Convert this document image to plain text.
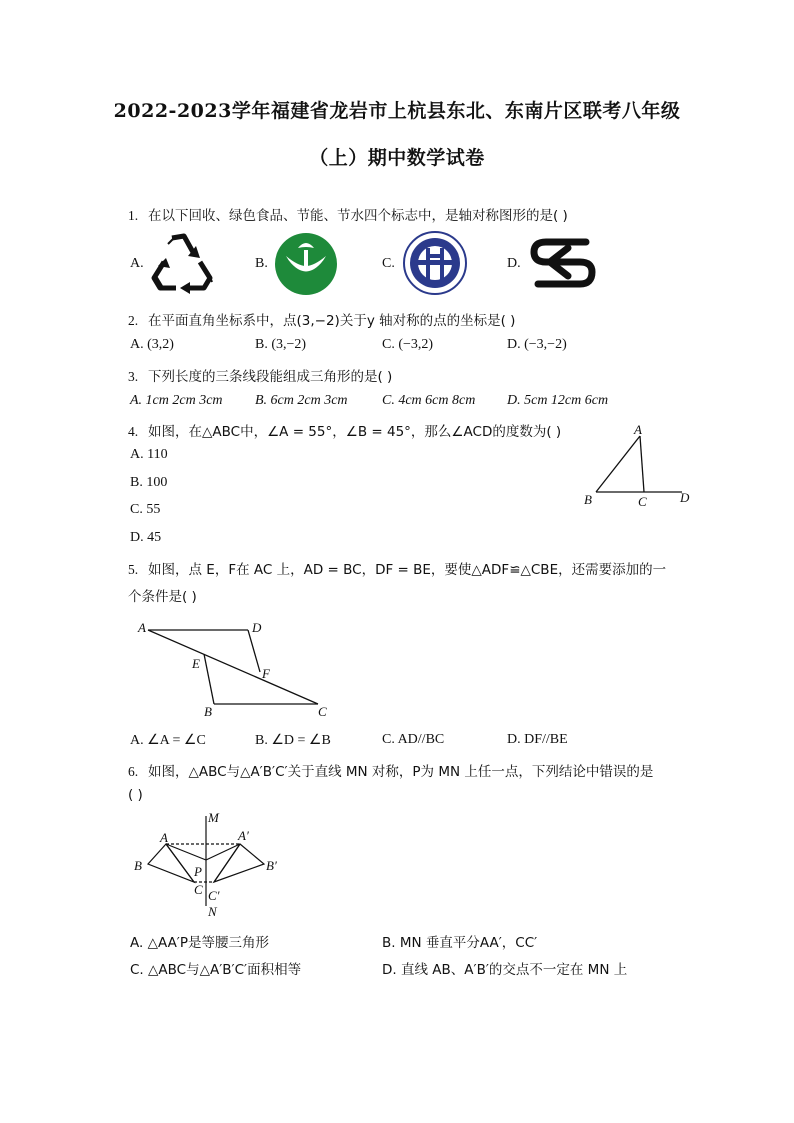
2022-2023学年福建省龙岩市上杭县东北、东南片区联考八年级
（上）期中数学试卷
1. 在以下回收、绿色食品、节能、节水四个标志中，是轴对称图形的是( )
A.	B.	C.	D.
2. 在平面直角坐标系中，点(3,−2)关于y 轴对称的点的坐标是( )
A. (3,2)	B. (3,−2)	C. (−3,2)	D. (−3,−2)
3. 下列长度的三条线段能组成三角形的是( )
A. 1cm 2cm 3cm B. 6cm 2cm 3cm C. 4cm 6cm 8cm D. 5cm 12cm 6cm
4. 如图，在△ABC中，∠A = 55°，∠B = 45°，那么∠ACD的度数为( )
A. 110
B. 100
C. 55
D. 45
A
B	C	D
5. 如图，点 E，F在 AC 上，AD = BC，DF = BE，要使△ADF≌△CBE，还需要添加的一
个条件是( )
A	D
E
F
B	C
A. ∠A = ∠C	B. ∠D = ∠B	C. AD//BC	D. DF//BE
6. 如图，△ABC与△A′B′C′关于直线 MN 对称，P为 MN 上任一点，下列结论中错误的是
( )
M
A	A′
B	B′
P
C C′
N
A. △AA′P是等腰三角形	B. MN 垂直平分AA′，CC′
C. △ABC与△A′B′C′面积相等	D. 直线 AB、A′B′的交点不一定在 MN 上
